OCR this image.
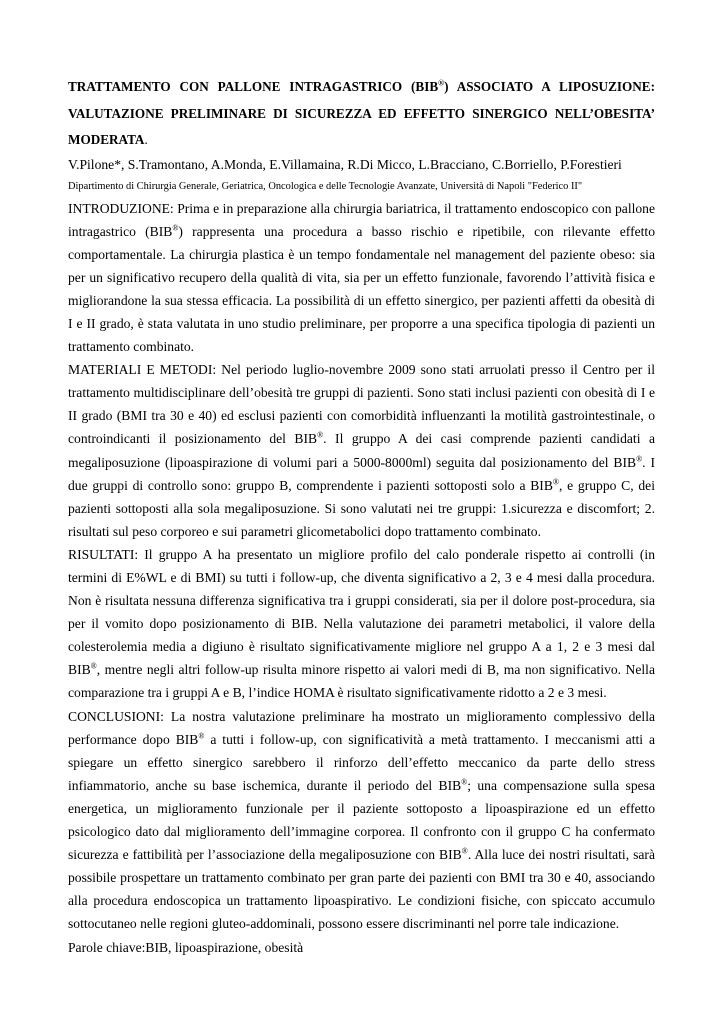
TRATTAMENTO CON PALLONE INTRAGASTRICO (BIB®) ASSOCIATO A LIPOSUZIONE: VALUTAZIONE PRELIMINARE DI SICUREZZA ED EFFETTO SINERGICO NELL’OBESITA’ MODERATA.

V.Pilone*, S.Tramontano, A.Monda, E.Villamaina, R.Di Micco, L.Bracciano, C.Borriello, P.Forestieri

Dipartimento di Chirurgia Generale, Geriatrica, Oncologica e delle Tecnologie Avanzate, Università di Napoli "Federico II"

INTRODUZIONE: Prima e in preparazione alla chirurgia bariatrica, il trattamento endoscopico con pallone intragastrico (BIB®) rappresenta una procedura a basso rischio e ripetibile, con rilevante effetto comportamentale. La chirurgia plastica è un tempo fondamentale nel management del paziente obeso: sia per un significativo recupero della qualità di vita, sia per un effetto funzionale, favorendo l’attività fisica e migliorandone la sua stessa efficacia. La possibilità di un effetto sinergico, per pazienti affetti da obesità di I e II grado, è stata valutata in uno studio preliminare, per proporre a una specifica tipologia di pazienti un trattamento combinato.

MATERIALI E METODI: Nel periodo luglio-novembre 2009 sono stati arruolati presso il Centro per il trattamento multidisciplinare dell’obesità tre gruppi di pazienti. Sono stati inclusi pazienti con obesità di I e II grado (BMI tra 30 e 40) ed esclusi pazienti con comorbidità influenzanti la motilità gastrointestinale, o controindicanti il posizionamento del BIB®. Il gruppo A dei casi comprende pazienti candidati a megaliposuzione (lipoaspirazione di volumi pari a 5000-8000ml) seguita dal posizionamento del BIB®. I due gruppi di controllo sono: gruppo B, comprendente i pazienti sottoposti solo a BIB®, e gruppo C, dei pazienti sottoposti alla sola megaliposuzione. Si sono valutati nei tre gruppi: 1.sicurezza e discomfort; 2. risultati sul peso corporeo e sui parametri glicometabolici dopo trattamento combinato.

RISULTATI: Il gruppo A ha presentato un migliore profilo del calo ponderale rispetto ai controlli (in termini di E%WL e di BMI) su tutti i follow-up, che diventa significativo a 2, 3 e 4 mesi dalla procedura. Non è risultata nessuna differenza significativa tra i gruppi considerati, sia per il dolore post-procedura, sia per il vomito dopo posizionamento di BIB. Nella valutazione dei parametri metabolici, il valore della colesterolemia media a digiuno è risultato significativamente migliore nel gruppo A a 1, 2 e 3 mesi dal BIB®, mentre negli altri follow-up risulta minore rispetto ai valori medi di B, ma non significativo. Nella comparazione tra i gruppi A e B, l’indice HOMA è risultato significativamente ridotto a 2 e 3 mesi.

CONCLUSIONI: La nostra valutazione preliminare ha mostrato un miglioramento complessivo della performance dopo BIB® a tutti i follow-up, con significatività a metà trattamento. I meccanismi atti a spiegare un effetto sinergico sarebbero il rinforzo dell’effetto meccanico da parte dello stress infiammatorio, anche su base ischemica, durante il periodo del BIB®; una compensazione sulla spesa energetica, un miglioramento funzionale per il paziente sottoposto a lipoaspirazione ed un effetto psicologico dato dal miglioramento dell’immagine corporea. Il confronto con il gruppo C ha confermato sicurezza e fattibilità per l’associazione della megaliposuzione con BIB®. Alla luce dei nostri risultati, sarà possibile prospettare un trattamento combinato per gran parte dei pazienti con BMI tra 30 e 40, associando alla procedura endoscopica un trattamento lipoaspirativo. Le condizioni fisiche, con spiccato accumulo sottocutaneo nelle regioni gluteo-addominali, possono essere discriminanti nel porre tale indicazione.

Parole chiave:BIB, lipoaspirazione, obesità
